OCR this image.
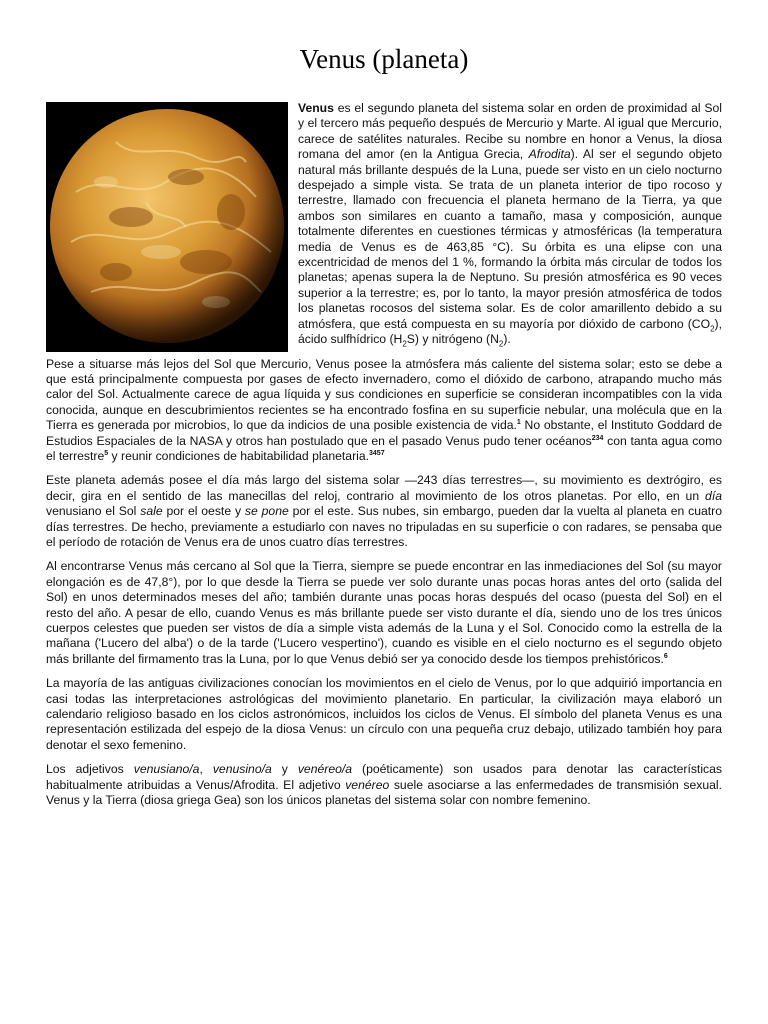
Venus (planeta)

Venus es el segundo planeta del sistema solar en orden de proximidad al Sol y el tercero más pequeño después de Mercurio y Marte. Al igual que Mercurio, carece de satélites naturales. Recibe su nombre en honor a Venus, la diosa romana del amor (en la Antigua Grecia, Afrodita). Al ser el segundo objeto natural más brillante después de la Luna, puede ser visto en un cielo nocturno despejado a simple vista. Se trata de un planeta interior de tipo rocoso y terrestre, llamado con frecuencia el planeta hermano de la Tierra, ya que ambos son similares en cuanto a tamaño, masa y composición, aunque totalmente diferentes en cuestiones térmicas y atmosféricas (la temperatura media de Venus es de 463,85 °C). Su órbita es una elipse con una excentricidad de menos del 1 %, formando la órbita más circular de todos los planetas; apenas supera la de Neptuno. Su presión atmosférica es 90 veces superior a la terrestre; es, por lo tanto, la mayor presión atmosférica de todos los planetas rocosos del sistema solar. Es de color amarillento debido a su atmósfera, que está compuesta en su mayoría por dióxido de carbono $(CO_2)$, ácido sulfhídrico $(H_2S)$ y nitrógeno $(N_2)$.

Pese a situarse más lejos del Sol que Mercurio, Venus posee la atmósfera más caliente del sistema solar; esto se debe a que está principalmente compuesta por gases de efecto invernadero, como el dióxido de carbono, atrapando mucho más calor del Sol. Actualmente carece de agua líquida y sus condiciones en superficie se consideran incompatibles con la vida conocida, aunque en descubrimientos recientes se ha encontrado fosfina en su superficie nebular, una molécula que en la Tierra es generada por microbios, lo que da indicios de una posible existencia de vida.$^1$ No obstante, el Instituto Goddard de Estudios Espaciales de la NASA y otros han postulado que en el pasado Venus pudo tener océanos$^{234}$ con tanta agua como el terrestre$^5$ y reunir condiciones de habitabilidad planetaria.$^{3457}$

Este planeta además posee el día más largo del sistema solar —243 días terrestres—, su movimiento es dextrógiro, es decir, gira en el sentido de las manecillas del reloj, contrario al movimiento de los otros planetas. Por ello, en un día venusiano el Sol sale por el oeste y se pone por el este. Sus nubes, sin embargo, pueden dar la vuelta al planeta en cuatro días terrestres. De hecho, previamente a estudiarlo con naves no tripuladas en su superficie o con radares, se pensaba que el período de rotación de Venus era de unos cuatro días terrestres.

Al encontrarse Venus más cercano al Sol que la Tierra, siempre se puede encontrar en las inmediaciones del Sol (su mayor elongación es de 47,8°), por lo que desde la Tierra se puede ver solo durante unas pocas horas antes del orto (salida del Sol) en unos determinados meses del año; también durante unas pocas horas después del ocaso (puesta del Sol) en el resto del año. A pesar de ello, cuando Venus es más brillante puede ser visto durante el día, siendo uno de los tres únicos cuerpos celestes que pueden ser vistos de día a simple vista además de la Luna y el Sol. Conocido como la estrella de la mañana ('Lucero del alba') o de la tarde ('Lucero vespertino'), cuando es visible en el cielo nocturno es el segundo objeto más brillante del firmamento tras la Luna, por lo que Venus debió ser ya conocido desde los tiempos prehistóricos.$^6$

La mayoría de las antiguas civilizaciones conocían los movimientos en el cielo de Venus, por lo que adquirió importancia en casi todas las interpretaciones astrológicas del movimiento planetario. En particular, la civilización maya elaboró un calendario religioso basado en los ciclos astronómicos, incluidos los ciclos de Venus. El símbolo del planeta Venus es una representación estilizada del espejo de la diosa Venus: un círculo con una pequeña cruz debajo, utilizado también hoy para denotar el sexo femenino.

Los adjetivos venusiano/a, venusino/a y venéreo/a (poéticamente) son usados para denotar las características habitualmente atribuidas a Venus/Afrodita. El adjetivo venéreo suele asociarse a las enfermedades de transmisión sexual. Venus y la Tierra (diosa griega Gea) son los únicos planetas del sistema solar con nombre femenino.
